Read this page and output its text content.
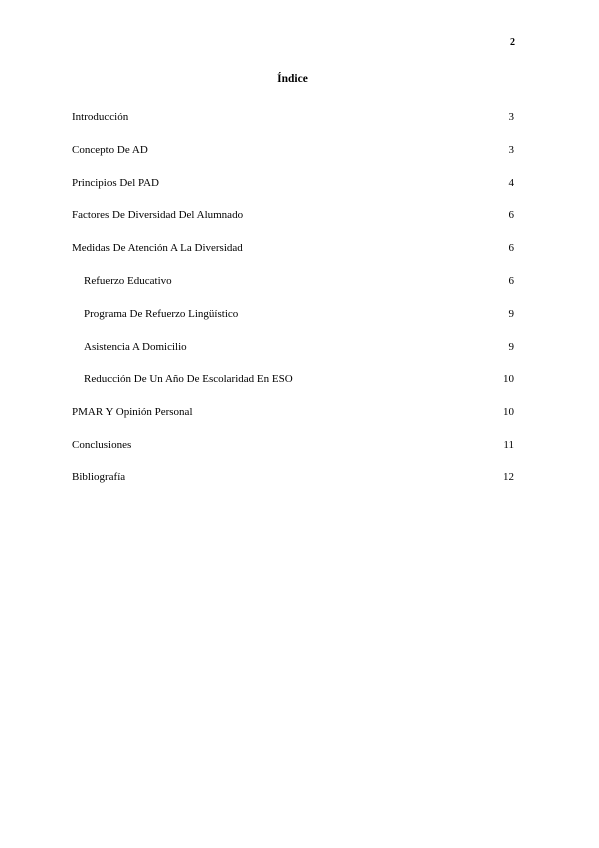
2
Índice
Introducción	3
Concepto De AD	3
Principios Del PAD	4
Factores De Diversidad Del Alumnado	6
Medidas De Atención A La Diversidad	6
Refuerzo Educativo	6
Programa De Refuerzo Lingüístico	9
Asistencia A Domicilio	9
Reducción De Un Año De Escolaridad En ESO	10
PMAR Y Opinión Personal	10
Conclusiones	11
Bibliografía	12
